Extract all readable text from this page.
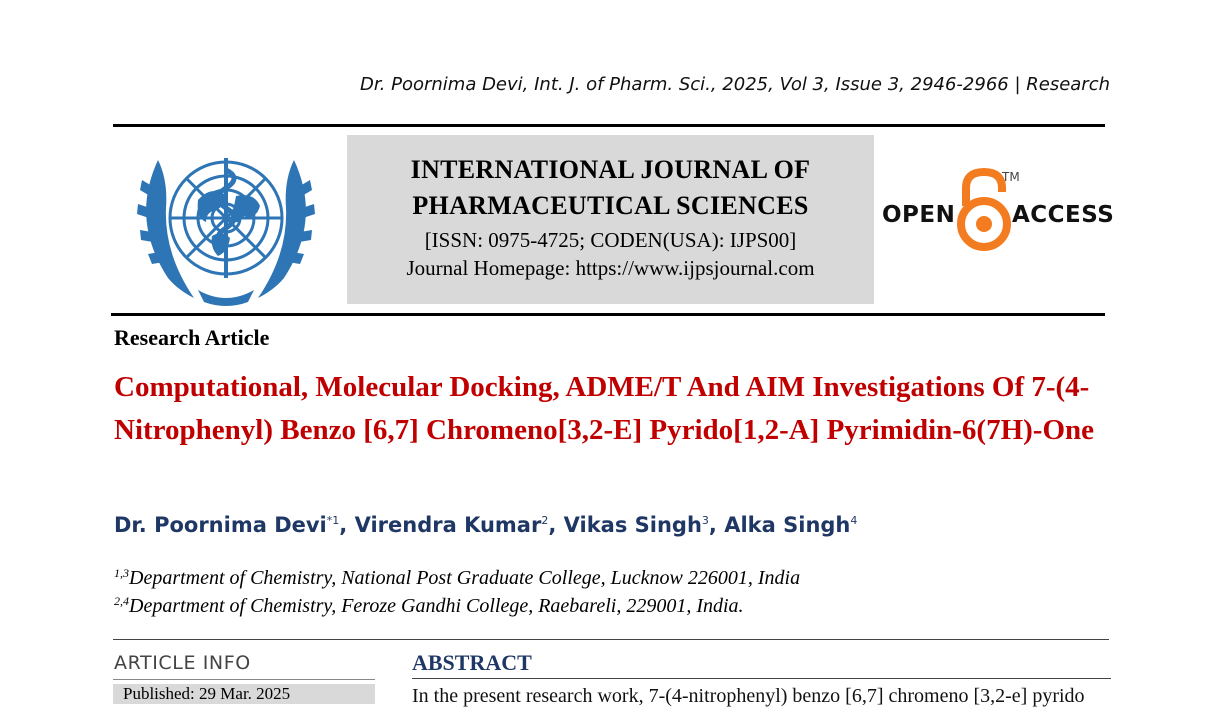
Dr. Poornima Devi, Int. J. of Pharm. Sci., 2025, Vol 3, Issue 3, 2946-2966 | Research
INTERNATIONAL JOURNAL OF
PHARMACEUTICAL SCIENCES
[ISSN: 0975-4725; CODEN(USA): IJPS00]
Journal Homepage: https://www.ijpsjournal.com
OPEN
TM
ACCESS
Research Article
Computational, Molecular Docking, ADME/T And AIM Investigations Of 7-(4-Nitrophenyl) Benzo [6,7] Chromeno[3,2-E] Pyrido[1,2-A] Pyrimidin-6(7H)-One
Dr. Poornima Devi$^{*1}$, Virendra Kumar$^2$, Vikas Singh$^3$, Alka Singh$^4$
$^{1,3}$Department of Chemistry, National Post Graduate College, Lucknow 226001, India
$^{2,4}$Department of Chemistry, Feroze Gandhi College, Raebareli, 229001, India.
ARTICLE INFO
Published: 29 Mar. 2025
ABSTRACT
In the present research work, 7-(4-nitrophenyl) benzo [6,7] chromeno [3,2-e] pyrido
